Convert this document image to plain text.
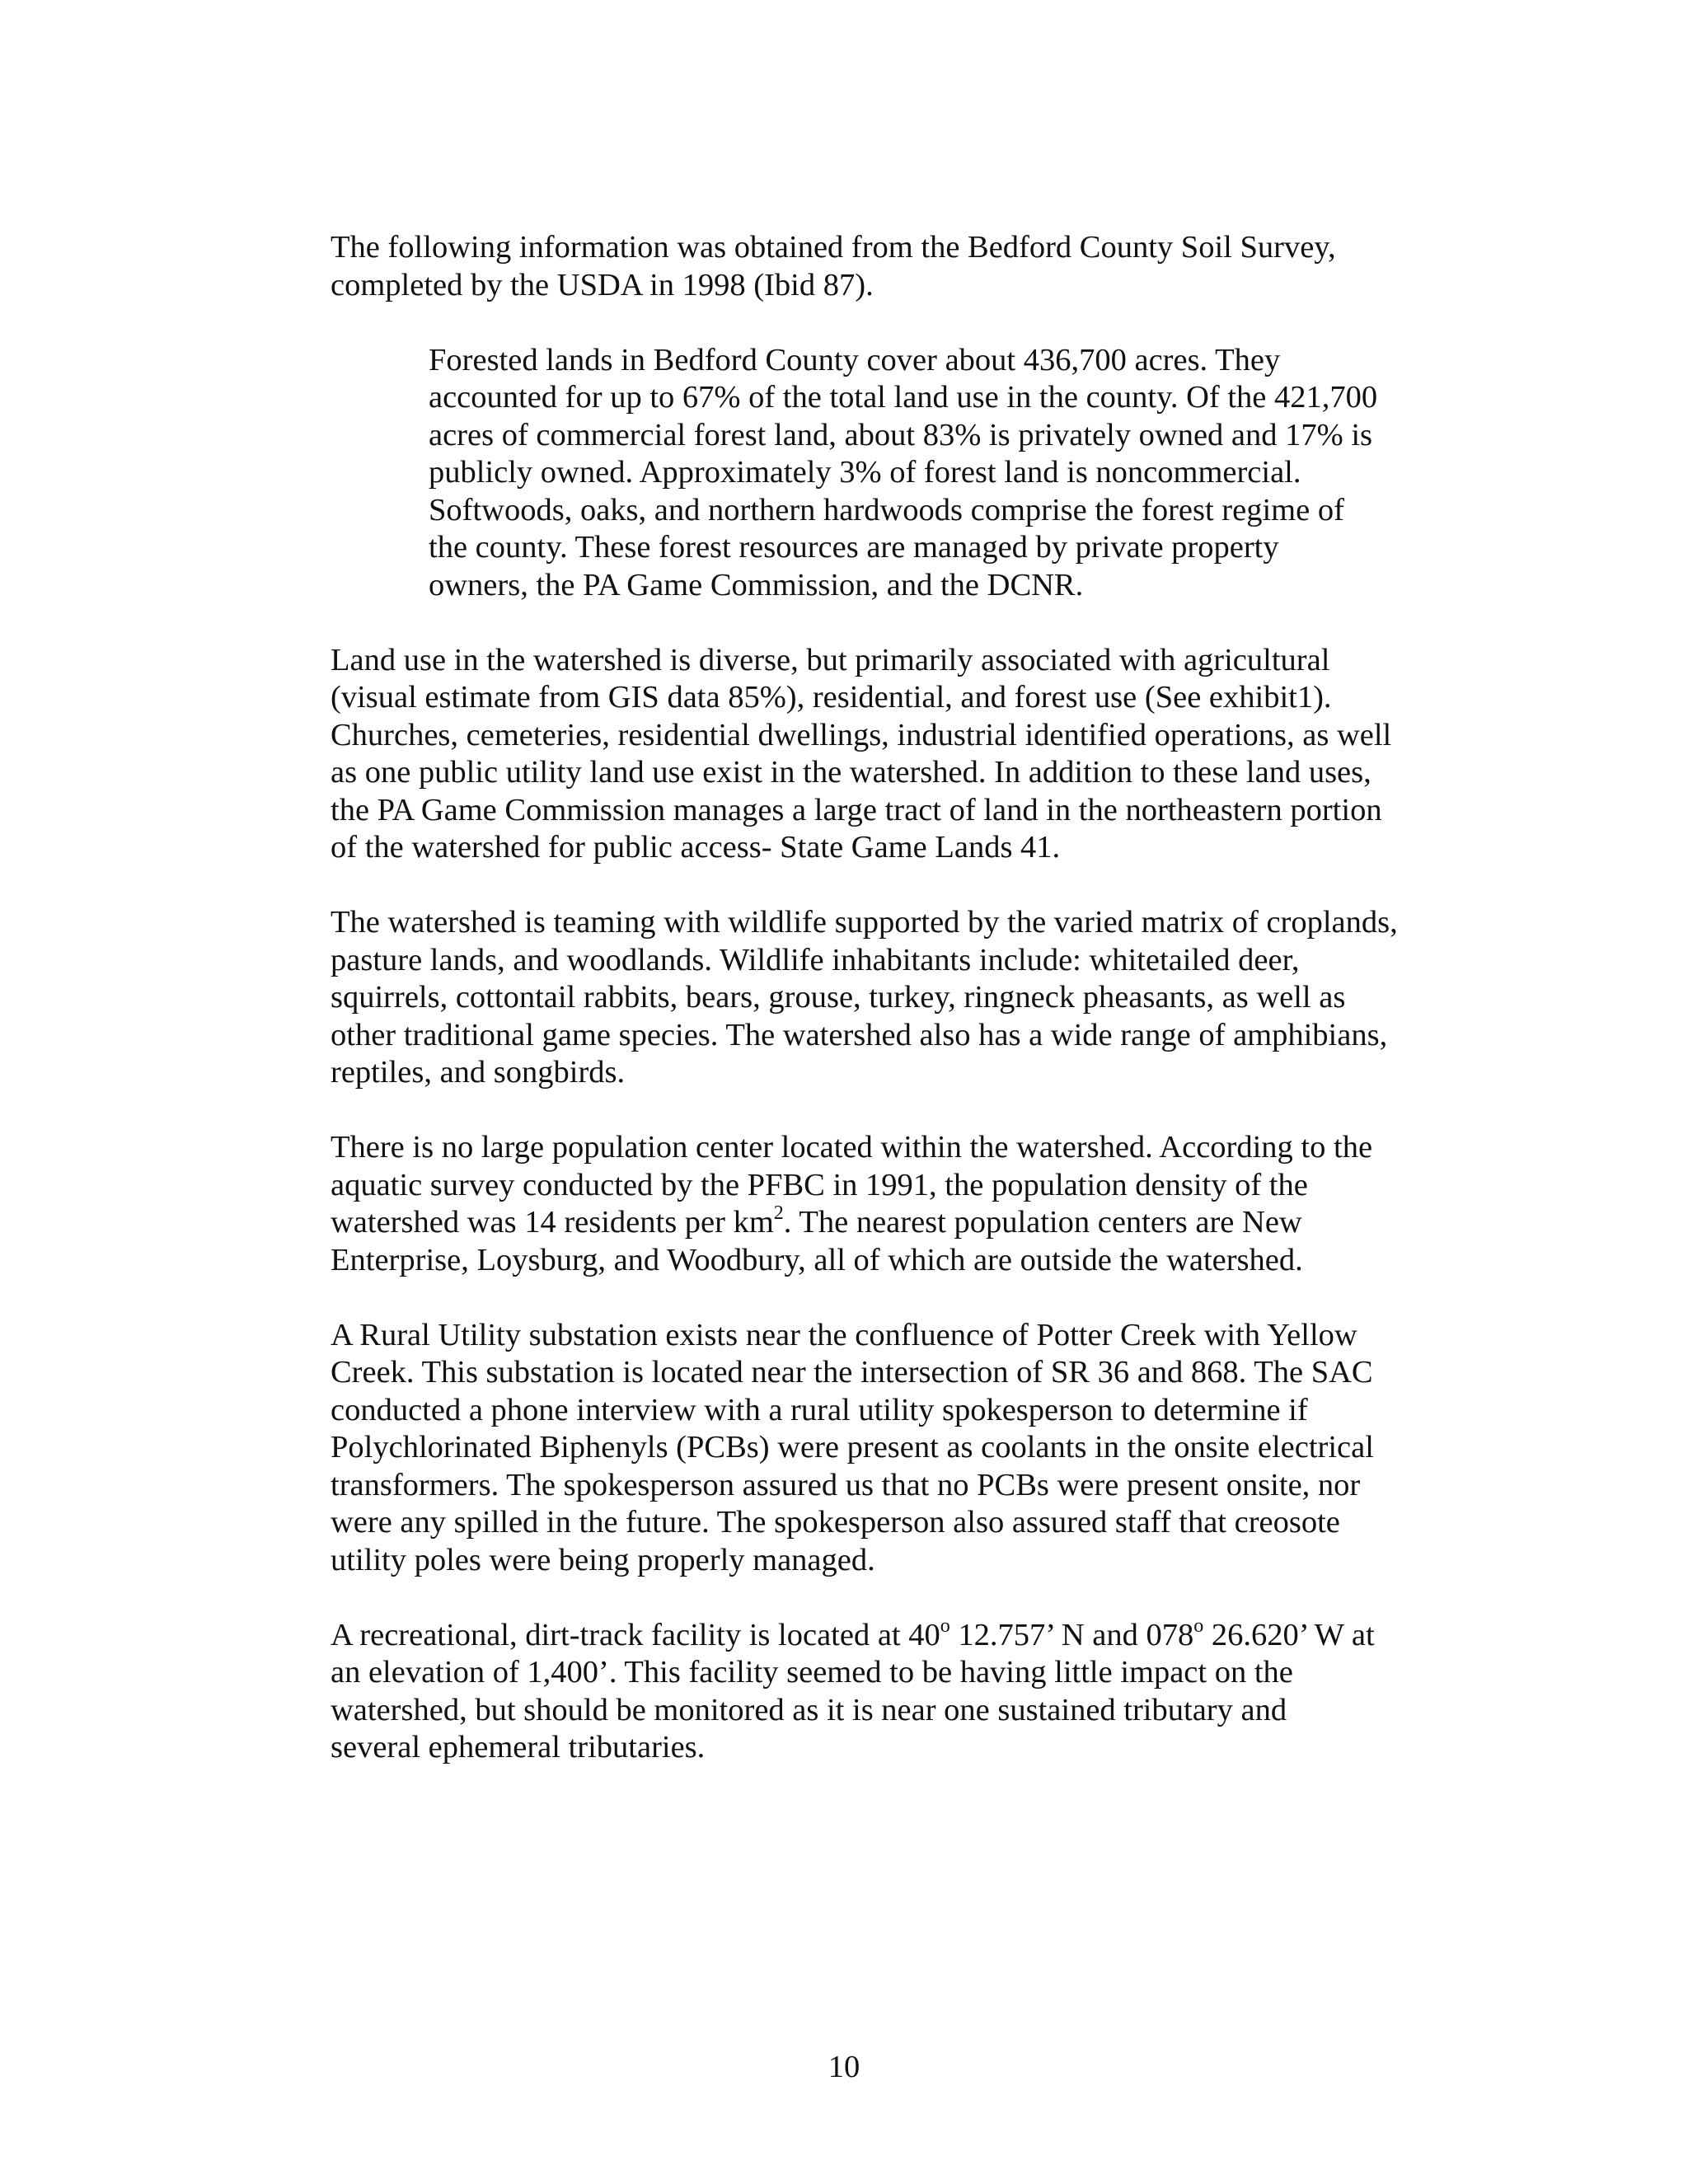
The following information was obtained from the Bedford County Soil Survey,
completed by the USDA in 1998 (Ibid 87).

Forested lands in Bedford County cover about 436,700 acres. They
accounted for up to 67% of the total land use in the county. Of the 421,700
acres of commercial forest land, about 83% is privately owned and 17% is
publicly owned. Approximately 3% of forest land is noncommercial.
Softwoods, oaks, and northern hardwoods comprise the forest regime of
the county. These forest resources are managed by private property
owners, the PA Game Commission, and the DCNR.

Land use in the watershed is diverse, but primarily associated with agricultural
(visual estimate from GIS data 85%), residential, and forest use (See exhibit1).
Churches, cemeteries, residential dwellings, industrial identified operations, as well
as one public utility land use exist in the watershed. In addition to these land uses,
the PA Game Commission manages a large tract of land in the northeastern portion
of the watershed for public access- State Game Lands 41.

The watershed is teaming with wildlife supported by the varied matrix of croplands,
pasture lands, and woodlands. Wildlife inhabitants include: whitetailed deer,
squirrels, cottontail rabbits, bears, grouse, turkey, ringneck pheasants, as well as
other traditional game species. The watershed also has a wide range of amphibians,
reptiles, and songbirds.

There is no large population center located within the watershed. According to the
aquatic survey conducted by the PFBC in 1991, the population density of the
watershed was 14 residents per $km^2$. The nearest population centers are New
Enterprise, Loysburg, and Woodbury, all of which are outside the watershed.

A Rural Utility substation exists near the confluence of Potter Creek with Yellow
Creek. This substation is located near the intersection of SR 36 and 868. The SAC
conducted a phone interview with a rural utility spokesperson to determine if
Polychlorinated Biphenyls (PCBs) were present as coolants in the onsite electrical
transformers. The spokesperson assured us that no PCBs were present onsite, nor
were any spilled in the future. The spokesperson also assured staff that creosote
utility poles were being properly managed.

A recreational, dirt-track facility is located at 40$^o$ 12.757’ N and 078$^o$ 26.620’ W at
an elevation of 1,400’. This facility seemed to be having little impact on the
watershed, but should be monitored as it is near one sustained tributary and
several ephemeral tributaries.

10
